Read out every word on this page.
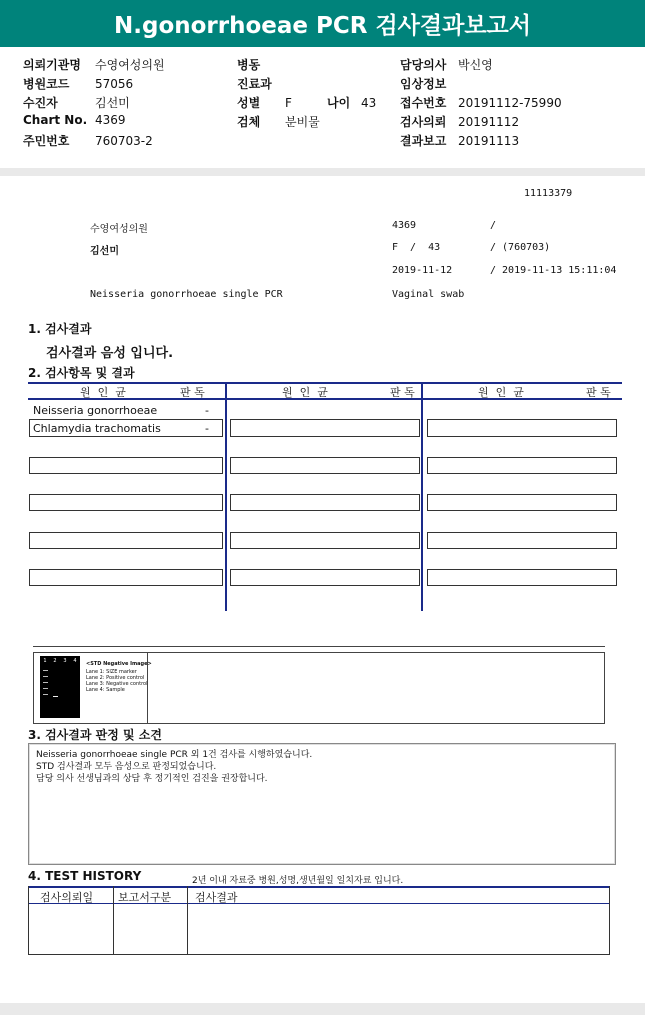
N.gonorrhoeae PCR 검사결과보고서
의뢰기관명 수영여성의원
병원코드 57056
수진자	김선미
Chart No. 4369
주민번호 760703-2
병동
진료과
성별 F	나이 43
검체 분비물
담당의사 박신영
임상정보
접수번호 20191112-75990
검사의뢰 20191112
결과보고 20191113
11113379
수영여성의원	4369	/
김선미	F  /  43	/ (760703)
2019-11-12	/ 2019-11-13 15:11:04
Neisseria gonorrhoeae single PCR	Vaginal swab
1. 검사결과
검사결과 음성 입니다.
2. 검사항목 및 결과
원  인  균	판 독	원  인  균	판 독	원  인  균	판 독
Neisseria gonorrhoeae	-
Chlamydia trachomatis	-
1 2 3 4 <STD Negative Image>
Lane 1: SIZE marker
Lane 2: Positive control
Lane 3: Negative control
Lane 4: Sample
3. 검사결과 판정 및 소견
Neisseria gonorrhoeae single PCR 외 1건 검사를 시행하였습니다.
STD 검사결과 모두 음성으로 판정되었습니다.
담당 의사 선생님과의 상담 후 정기적인 검진을 권장합니다.
4. TEST HISTORY	2년 이내 자료중 병원,성명,생년월일 일치자료 입니다.
검사의뢰일 보고서구분 검사결과
